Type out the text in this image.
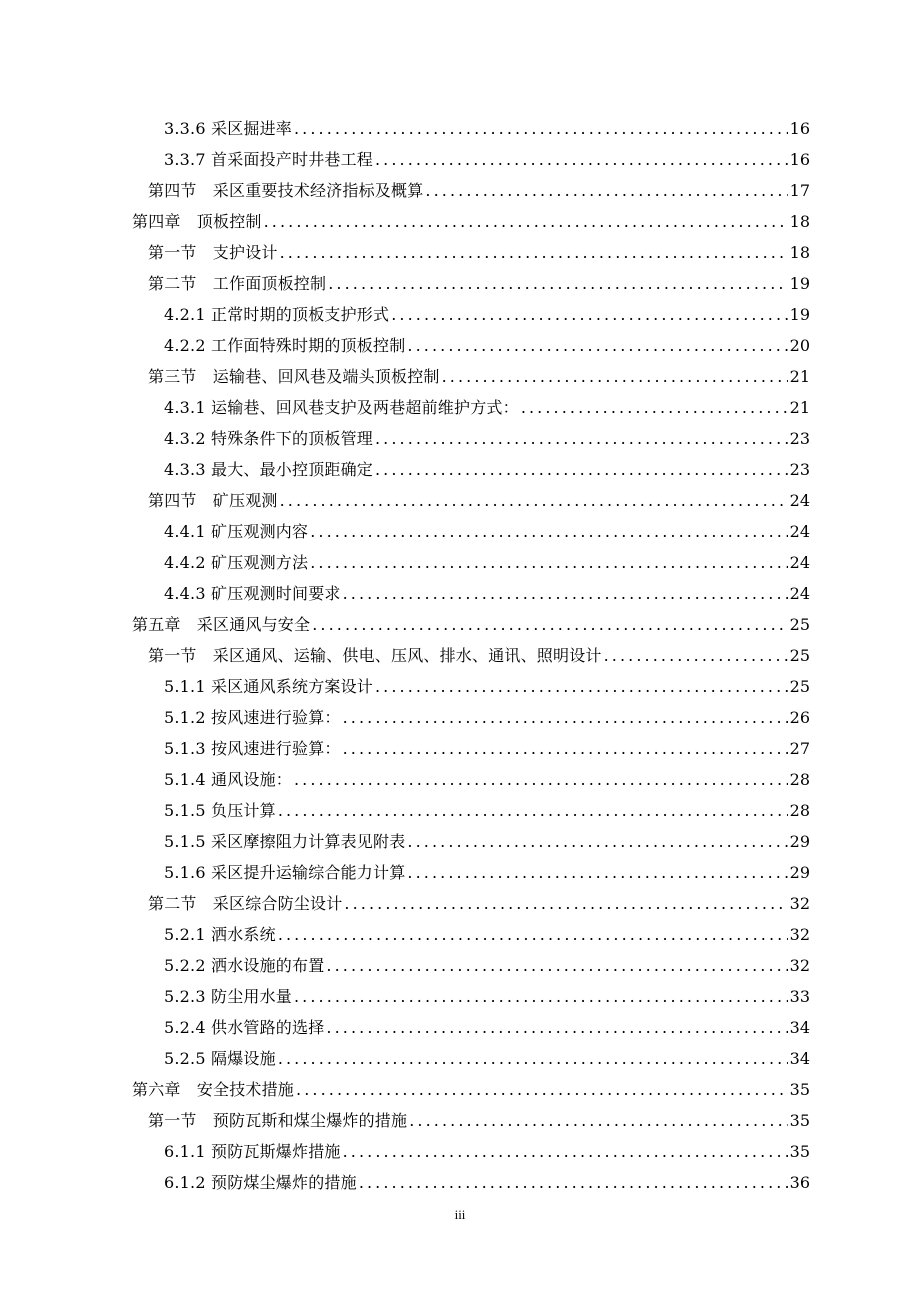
3.3.6 采区掘进率 .....	16
3.3.7 首采面投产时井巷工程 .....	16
第四节　采区重要技术经济指标及概算 .....	17
第四章　顶板控制 .....	18
第一节　支护设计 .....	18
第二节　工作面顶板控制 .....	19
4.2.1 正常时期的顶板支护形式 .....	19
4.2.2 工作面特殊时期的顶板控制 .....	20
第三节　运输巷、回风巷及端头顶板控制 .....	21
4.3.1 运输巷、回风巷支护及两巷超前维护方式： .....	21
4.3.2 特殊条件下的顶板管理 .....	23
4.3.3 最大、最小控顶距确定 .....	23
第四节　矿压观测 .....	24
4.4.1 矿压观测内容 .....	24
4.4.2 矿压观测方法 .....	24
4.4.3 矿压观测时间要求 .....	24
第五章　采区通风与安全 .....	25
第一节　采区通风、运输、供电、压风、排水、通讯、照明设计 .....	25
5.1.1 采区通风系统方案设计 .....	25
5.1.2 按风速进行验算： .....	26
5.1.3 按风速进行验算： .....	27
5.1.4 通风设施： .....	28
5.1.5 负压计算 .....	28
5.1.5 采区摩擦阻力计算表见附表 .....	29
5.1.6 采区提升运输综合能力计算 .....	29
第二节　采区综合防尘设计 .....	32
5.2.1 洒水系统 .....	32
5.2.2 洒水设施的布置 .....	32
5.2.3 防尘用水量 .....	33
5.2.4 供水管路的选择 .....	34
5.2.5 隔爆设施 .....	34
第六章　安全技术措施 .....	35
第一节　预防瓦斯和煤尘爆炸的措施 .....	35
6.1.1 预防瓦斯爆炸措施 .....	35
6.1.2 预防煤尘爆炸的措施 .....	36
iii
